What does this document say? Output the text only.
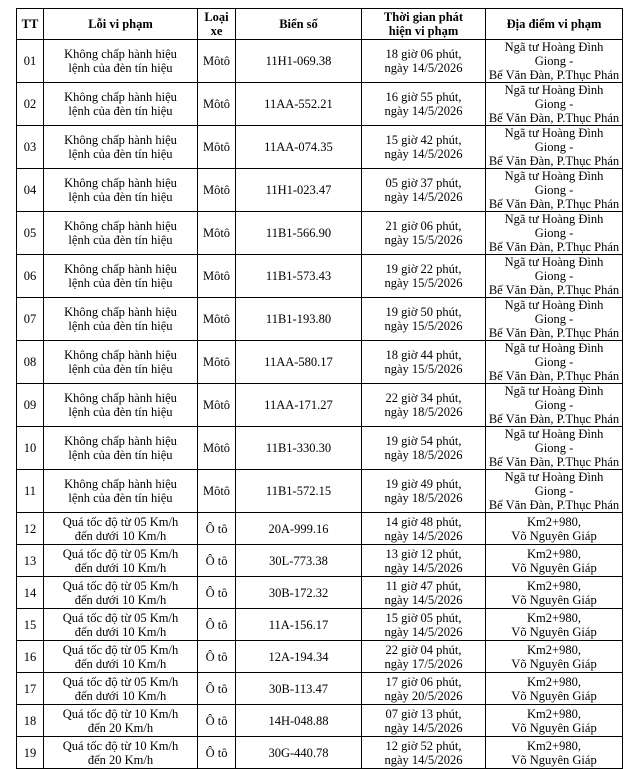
TT	Lỗi vi phạm	Loại
xe	Biển số	Thời gian phát
hiện vi phạm	Địa điểm vi phạm
01	Không chấp hành hiệu
lệnh của đèn tín hiệu	Môtô	11H1-069.38	18 giờ 06 phút,
ngày 14/5/2026	Ngã tư Hoàng Đình Giong -
Bế Văn Đàn, P.Thục Phán
02	Không chấp hành hiệu
lệnh của đèn tín hiệu	Môtô	11AA-552.21	16 giờ 55 phút,
ngày 14/5/2026	Ngã tư Hoàng Đình Giong -
Bế Văn Đàn, P.Thục Phán
03	Không chấp hành hiệu
lệnh của đèn tín hiệu	Môtô	11AA-074.35	15 giờ 42 phút,
ngày 14/5/2026	Ngã tư Hoàng Đình Giong -
Bế Văn Đàn, P.Thục Phán
04	Không chấp hành hiệu
lệnh của đèn tín hiệu	Môtô	11H1-023.47	05 giờ 37 phút,
ngày 14/5/2026	Ngã tư Hoàng Đình Giong -
Bế Văn Đàn, P.Thục Phán
05	Không chấp hành hiệu
lệnh của đèn tín hiệu	Môtô	11B1-566.90	21 giờ 06 phút,
ngày 15/5/2026	Ngã tư Hoàng Đình Giong -
Bế Văn Đàn, P.Thục Phán
06	Không chấp hành hiệu
lệnh của đèn tín hiệu	Môtô	11B1-573.43	19 giờ 22 phút,
ngày 15/5/2026	Ngã tư Hoàng Đình Giong -
Bế Văn Đàn, P.Thục Phán
07	Không chấp hành hiệu
lệnh của đèn tín hiệu	Môtô	11B1-193.80	19 giờ 50 phút,
ngày 15/5/2026	Ngã tư Hoàng Đình Giong -
Bế Văn Đàn, P.Thục Phán
08	Không chấp hành hiệu
lệnh của đèn tín hiệu	Môtô	11AA-580.17	18 giờ 44 phút,
ngày 15/5/2026	Ngã tư Hoàng Đình Giong -
Bế Văn Đàn, P.Thục Phán
09	Không chấp hành hiệu
lệnh của đèn tín hiệu	Môtô	11AA-171.27	22 giờ 34 phút,
ngày 18/5/2026	Ngã tư Hoàng Đình Giong -
Bế Văn Đàn, P.Thục Phán
10	Không chấp hành hiệu
lệnh của đèn tín hiệu	Môtô	11B1-330.30	19 giờ 54 phút,
ngày 18/5/2026	Ngã tư Hoàng Đình Giong -
Bế Văn Đàn, P.Thục Phán
11	Không chấp hành hiệu
lệnh của đèn tín hiệu	Môtô	11B1-572.15	19 giờ 49 phút,
ngày 18/5/2026	Ngã tư Hoàng Đình Giong -
Bế Văn Đàn, P.Thục Phán
12	Quá tốc độ từ 05 Km/h
đến dưới 10 Km/h	Ô tô	20A-999.16	14 giờ 48 phút,
ngày 14/5/2026	Km2+980,
Võ Nguyên Giáp
13	Quá tốc độ từ 05 Km/h
đến dưới 10 Km/h	Ô tô	30L-773.38	13 giờ 12 phút,
ngày 14/5/2026	Km2+980,
Võ Nguyên Giáp
14	Quá tốc độ từ 05 Km/h
đến dưới 10 Km/h	Ô tô	30B-172.32	11 giờ 47 phút,
ngày 14/5/2026	Km2+980,
Võ Nguyên Giáp
15	Quá tốc độ từ 05 Km/h
đến dưới 10 Km/h	Ô tô	11A-156.17	15 giờ 05 phút,
ngày 14/5/2026	Km2+980,
Võ Nguyên Giáp
16	Quá tốc độ từ 05 Km/h
đến dưới 10 Km/h	Ô tô	12A-194.34	22 giờ 04 phút,
ngày 17/5/2026	Km2+980,
Võ Nguyên Giáp
17	Quá tốc độ từ 05 Km/h
đến dưới 10 Km/h	Ô tô	30B-113.47	17 giờ 06 phút,
ngày 20/5/2026	Km2+980,
Võ Nguyên Giáp
18	Quá tốc độ từ 10 Km/h
đến 20 Km/h	Ô tô	14H-048.88	07 giờ 13 phút,
ngày 14/5/2026	Km2+980,
Võ Nguyên Giáp
19	Quá tốc độ từ 10 Km/h
đến 20 Km/h	Ô tô	30G-440.78	12 giờ 52 phút,
ngày 14/5/2026	Km2+980,
Võ Nguyên Giáp
